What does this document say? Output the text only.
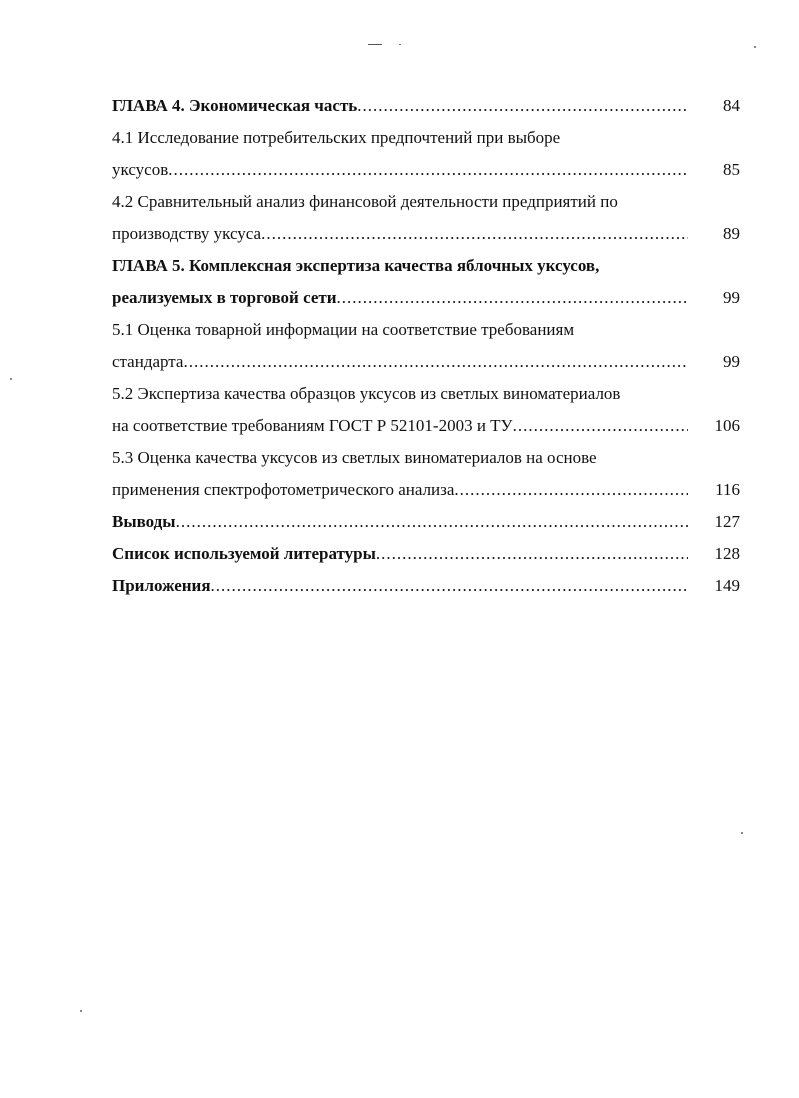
ГЛАВА 4. Экономическая часть .....	84
4.1 Исследование потребительских предпочтений при выборе
уксусов .....	85
4.2 Сравнительный анализ финансовой деятельности предприятий по
производству уксуса .....	89
ГЛАВА 5. Комплексная экспертиза качества яблочных уксусов,
реализуемых в торговой сети .....	99
5.1 Оценка товарной информации на соответствие требованиям
стандарта .....	99
5.2 Экспертиза качества образцов уксусов из светлых виноматериалов
на соответствие требованиям ГОСТ Р 52101-2003 и ТУ .....	106
5.3 Оценка качества уксусов из светлых виноматериалов на основе
применения спектрофотометрического анализа .....	116
Выводы .....	127
Список используемой литературы .....	128
Приложения .....	149
